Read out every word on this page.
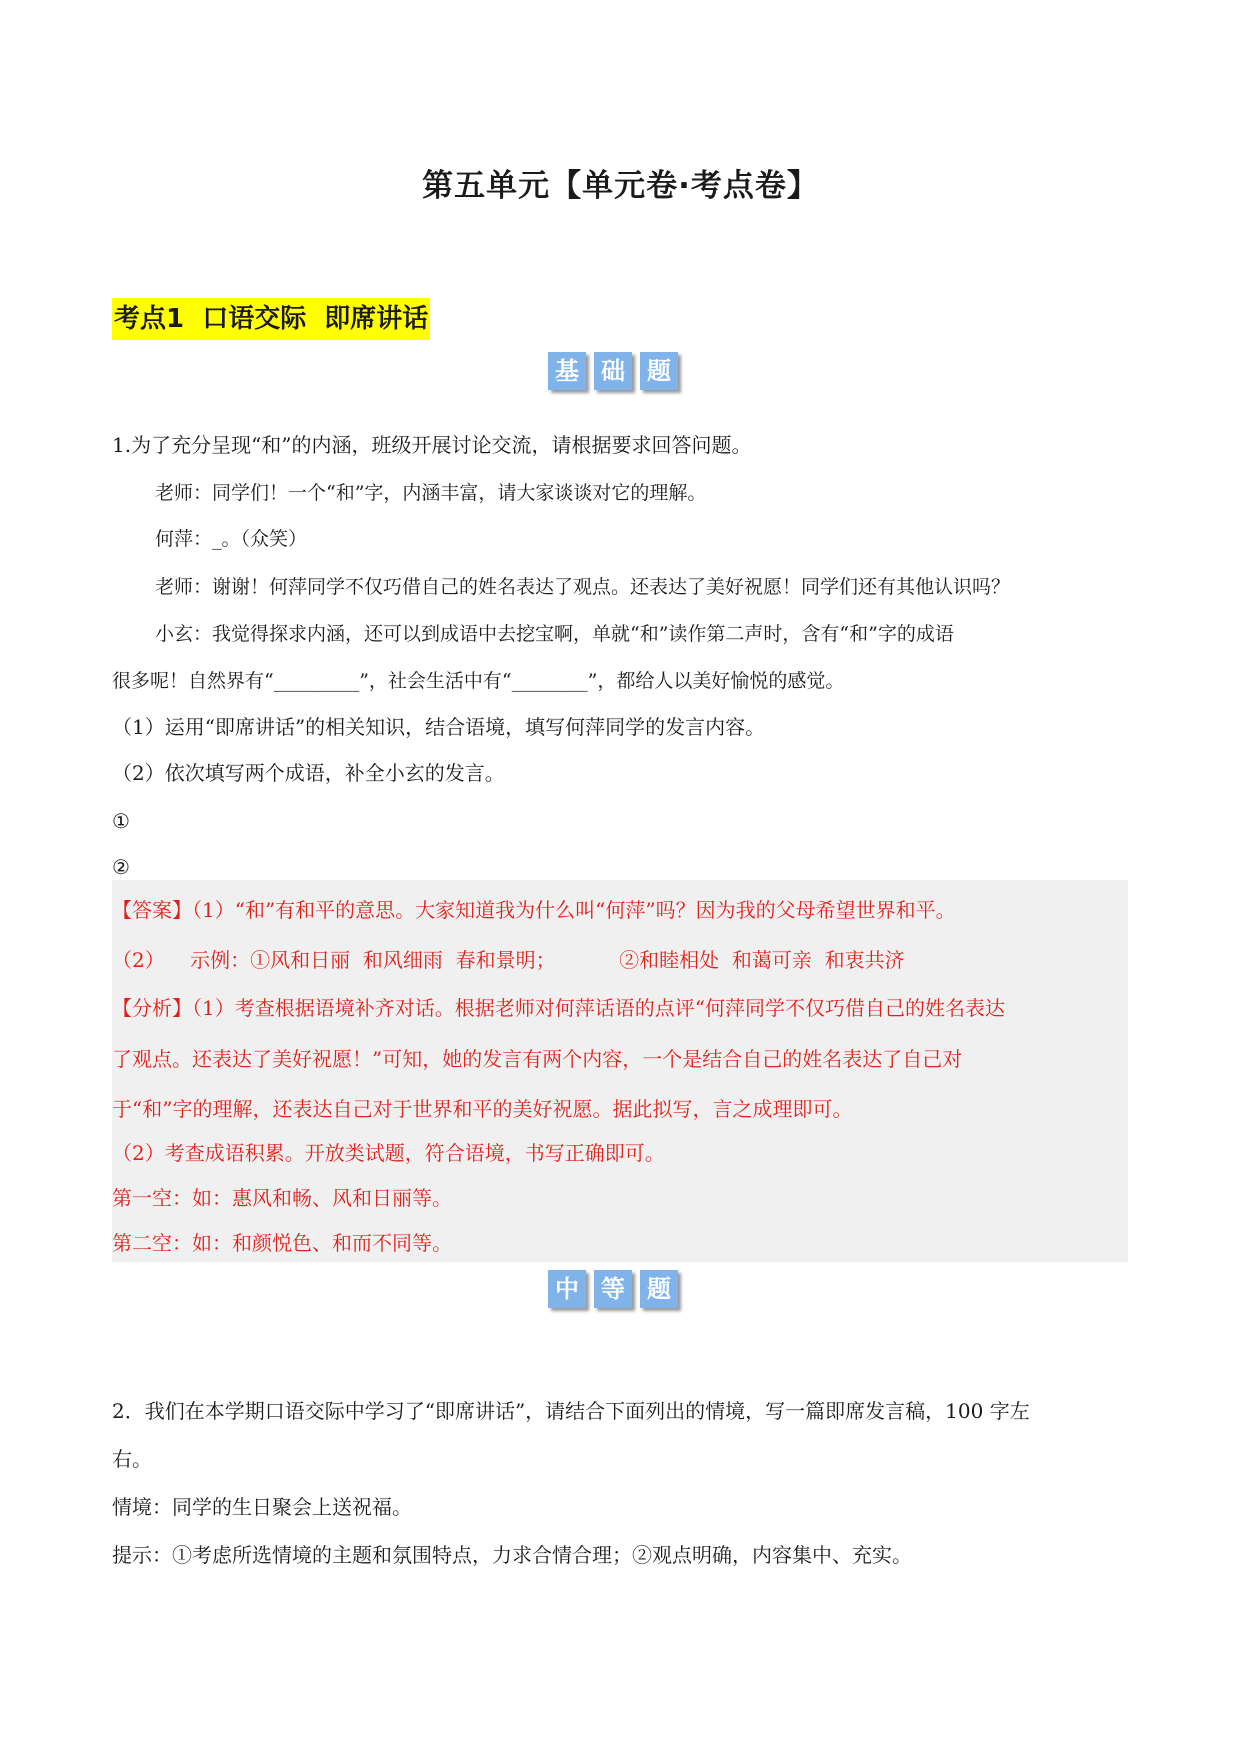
第五单元【单元卷·考点卷】
考点1  口语交际  即席讲话
基 础 题
1.为了充分呈现“和”的内涵，班级开展讨论交流，请根据要求回答问题。
老师：同学们！一个“和”字，内涵丰富，请大家谈谈对它的理解。
何萍：_。（众笑）
老师：谢谢！何萍同学不仅巧借自己的姓名表达了观点。还表达了美好祝愿！同学们还有其他认识吗？
小玄：我觉得探求内涵，还可以到成语中去挖宝啊，单就“和”读作第二声时，含有“和”字的成语
很多呢！自然界有“_________”，社会生活中有“________”，都给人以美好愉悦的感觉。
（1）运用“即席讲话”的相关知识，结合语境，填写何萍同学的发言内容。
（2）依次填写两个成语，补全小玄的发言。
①
②
【答案】（1）“和”有和平的意思。大家知道我为什么叫“何萍”吗？因为我的父母希望世界和平。
（2）    示例：①风和日丽  和风细雨  春和景明；          ②和睦相处  和蔼可亲  和衷共济
【分析】（1）考查根据语境补齐对话。根据老师对何萍话语的点评“何萍同学不仅巧借自己的姓名表达
了观点。还表达了美好祝愿！”可知，她的发言有两个内容，一个是结合自己的姓名表达了自己对
于“和”字的理解，还表达自己对于世界和平的美好祝愿。据此拟写，言之成理即可。
（2）考查成语积累。开放类试题，符合语境，书写正确即可。
第一空：如：惠风和畅、风和日丽等。
第二空：如：和颜悦色、和而不同等。
中 等 题
2．我们在本学期口语交际中学习了“即席讲话”，请结合下面列出的情境，写一篇即席发言稿，100 字左
右。
情境：同学的生日聚会上送祝福。
提示：①考虑所选情境的主题和氛围特点，力求合情合理；②观点明确，内容集中、充实。
